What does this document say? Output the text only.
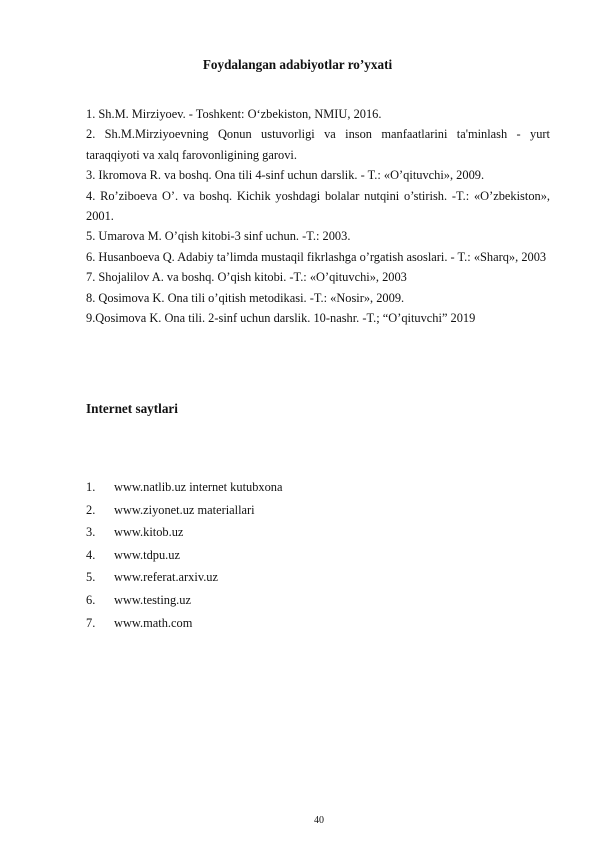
Foydalangan adabiyotlar ro’yxati

1. Sh.M. Mirziyoev. - Toshkent: O‘zbekiston, NMIU, 2016.

2. Sh.M.Mirziyoevning Qonun ustuvorligi va inson manfaatlarini ta'minlash - yurt taraqqiyoti va xalq farovonligining garovi.

3. Ikromova R. va boshq. Ona tili 4-sinf uchun darslik. - T.: «O’qituvchi», 2009.

4. Ro’ziboeva O’. va boshq. Kichik yoshdagi bolalar nutqini o’stirish. -T.: «O’zbekiston», 2001.

5. Umarova M. O’qish kitobi-3 sinf uchun. -T.: 2003.

6. Husanboeva Q. Adabiy ta’limda mustaqil fikrlashga o’rgatish asoslari. - T.: «Sharq», 2003

7. Shojalilov A. va boshq. O’qish kitobi. -T.: «O’qituvchi», 2003

8. Qosimova K. Ona tili o’qitish metodikasi. -T.: «Nosir», 2009.

9.Qosimova K. Ona tili. 2-sinf uchun darslik. 10-nashr. -T.; “O’qituvchi” 2019

Internet saytlari
1.	www.natlib.uz internet kutubxona
2.	www.ziyonet.uz materiallari
3.	www.kitob.uz
4.	www.tdpu.uz
5.	www.referat.arxiv.uz
6.	www.testing.uz
7.	www.math.com
40
